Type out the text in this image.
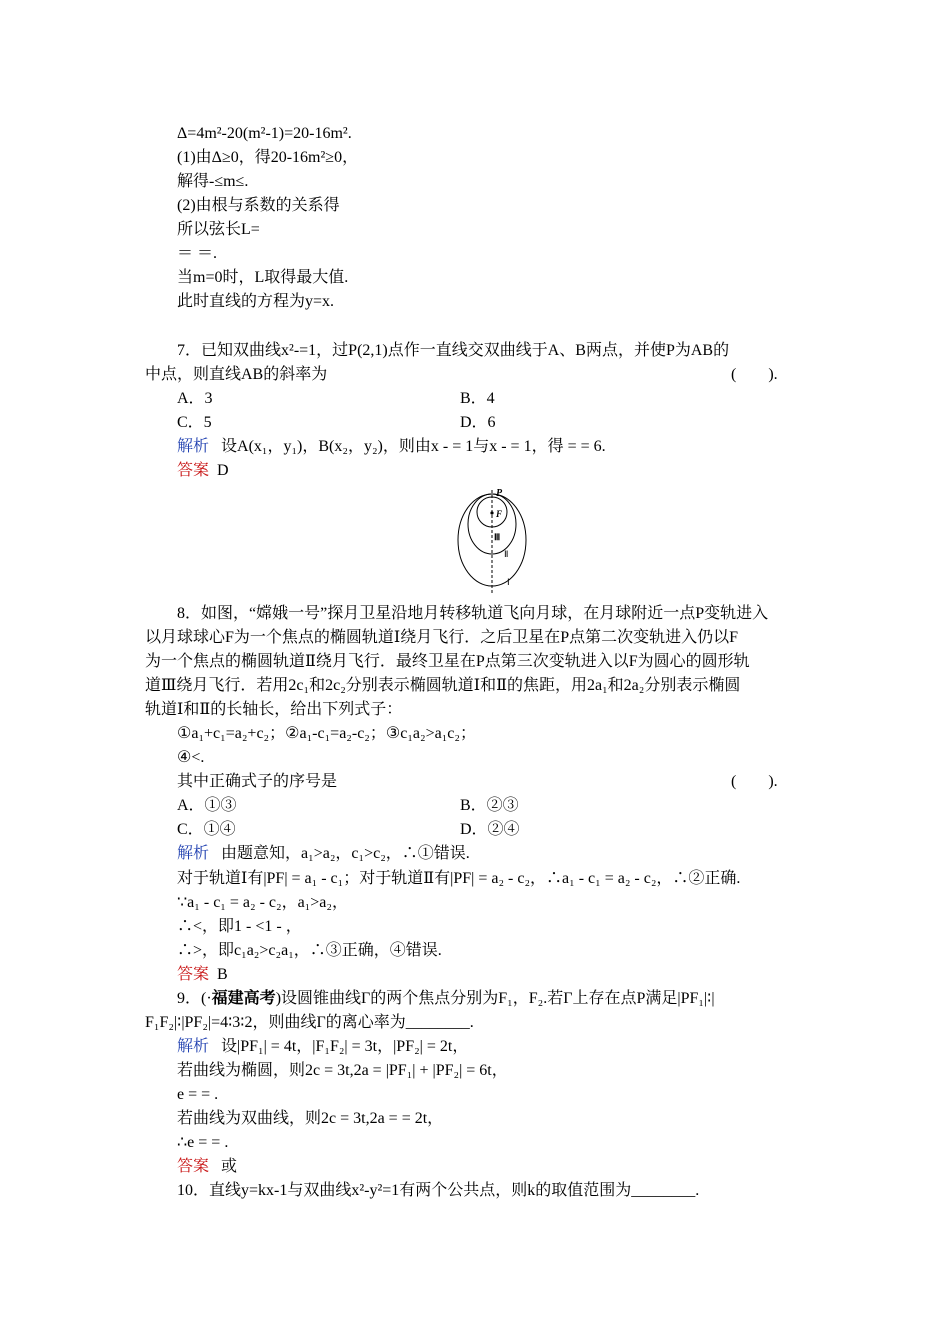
Δ=4m²-20(m²-1)=20-16m².
(1)由Δ≥0，得20-16m²≥0，
解得-≤m≤.
(2)由根与系数的关系得
所以弦长L=
＝ ＝.
当m=0时，L取得最大值.
此时直线的方程为y=x.
7．已知双曲线x²-=1，过P(2,1)点作一直线交双曲线于A、B两点，并使P为AB的
中点，则直线AB的斜率为	(　　).
A．3	B．4
C．5	D．6
解析 设A(x₁，y₁)，B(x₂，y₂)，则由x - = 1与x - = 1，得 = = 6.
答案 D
P
F
Ⅲ
Ⅱ
Ⅰ
8．如图，“嫦娥一号”探月卫星沿地月转移轨道飞向月球，在月球附近一点P变轨进入
以月球球心F为一个焦点的椭圆轨道Ⅰ绕月飞行．之后卫星在P点第二次变轨进入仍以F
为一个焦点的椭圆轨道Ⅱ绕月飞行．最终卫星在P点第三次变轨进入以F为圆心的圆形轨
道Ⅲ绕月飞行．若用2c₁和2c₂分别表示椭圆轨道Ⅰ和Ⅱ的焦距，用2a₁和2a₂分别表示椭圆
轨道Ⅰ和Ⅱ的长轴长，给出下列式子：
①a₁+c₁=a₂+c₂；②a₁-c₁=a₂-c₂；③c₁a₂>a₁c₂；
④<.
其中正确式子的序号是	(　　).
A．①③	B．②③
C．①④	D．②④
解析 由题意知，a₁>a₂，c₁>c₂，∴①错误.
对于轨道Ⅰ有|PF| = a₁ - c₁；对于轨道Ⅱ有|PF| = a₂ - c₂，∴a₁ - c₁ = a₂ - c₂，∴②正确.
∵a₁ - c₁ = a₂ - c₂，a₁>a₂，
∴<，即1 - <1 - ，
∴>，即c₁a₂>c₂a₁，∴③正确，④错误.
答案 B
9．(·福建高考)设圆锥曲线Γ的两个焦点分别为F₁，F₂.若Γ上存在点P满足|PF₁|∶|
F₁F₂|∶|PF₂|=4∶3∶2，则曲线Γ的离心率为________.
解析 设|PF₁| = 4t，|F₁F₂| = 3t，|PF₂| = 2t，
若曲线为椭圆，则2c = 3t,2a = |PF₁| + |PF₂| = 6t，
e = = .
若曲线为双曲线，则2c = 3t,2a = = 2t，
∴e = = .
答案 或
10．直线y=kx-1与双曲线x²-y²=1有两个公共点，则k的取值范围为________.
